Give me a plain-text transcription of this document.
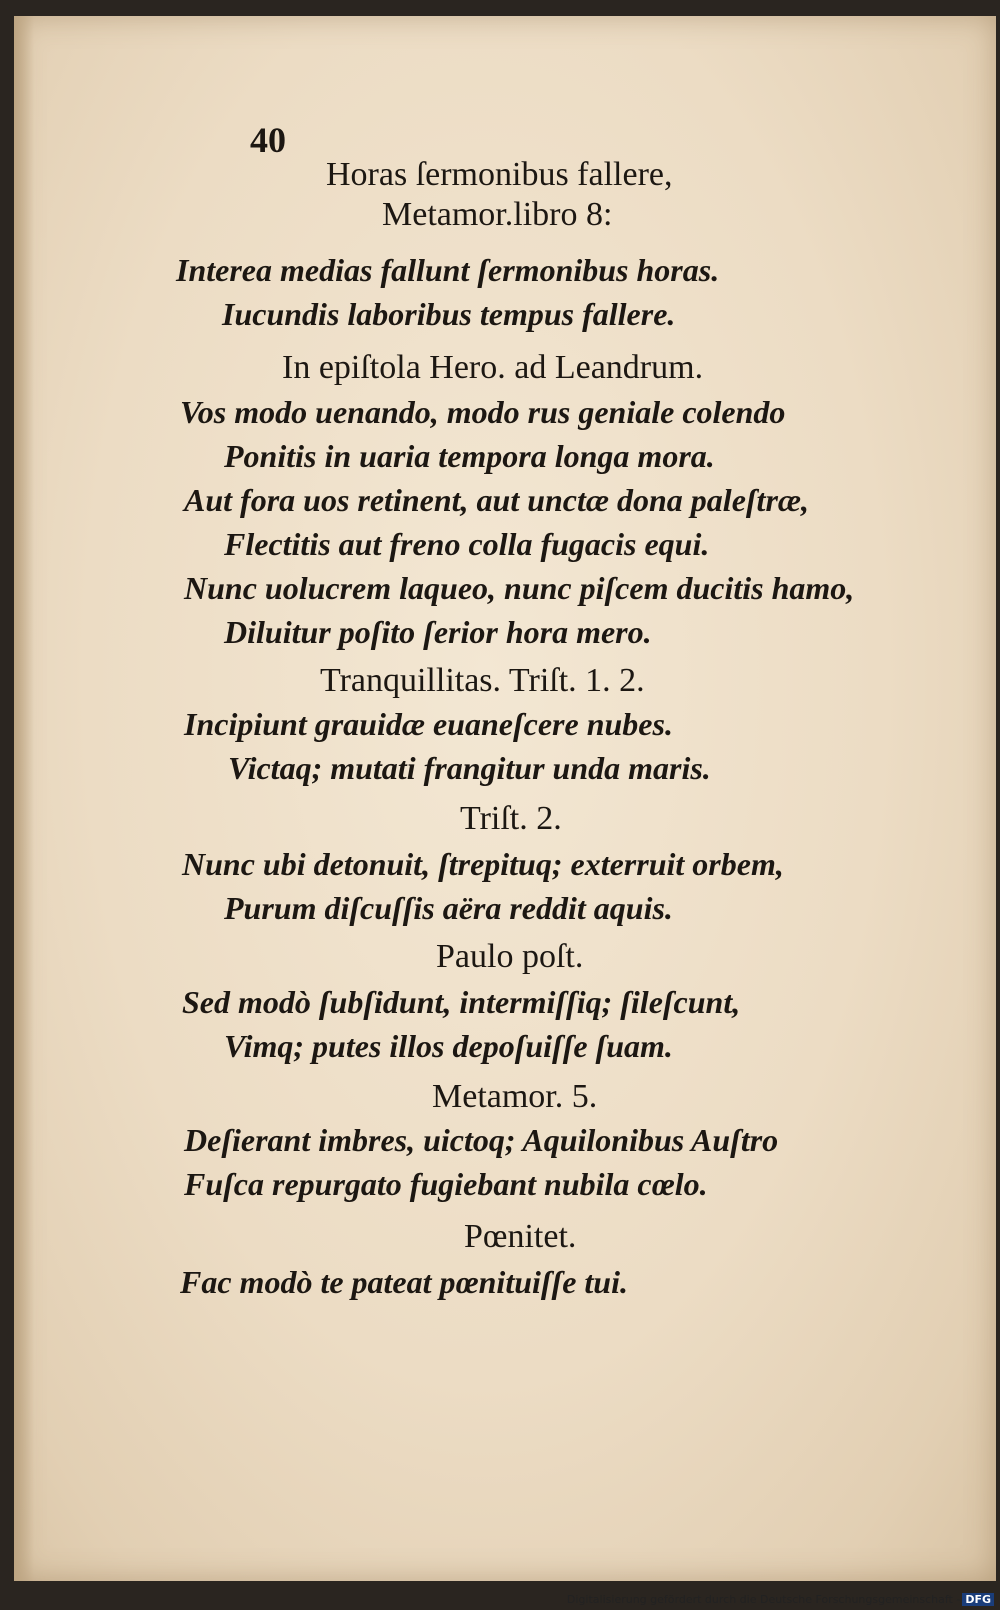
40
Horas ſermonibus fallere,
Metamor.libro 8:
Interea medias fallunt ſermonibus horas.
Iucundis laboribus tempus fallere.
In epiſtola Hero. ad Leandrum.
Vos modo uenando, modo rus geniale colendo
Ponitis in uaria tempora longa mora.
Aut fora uos retinent, aut unctæ dona paleſtræ,
Flectitis aut freno colla fugacis equi.
Nunc uolucrem laqueo, nunc piſcem ducitis hamo,
Diluitur poſito ſerior hora mero.
Tranquillitas. Triſt. 1. 2.
Incipiunt grauidæ euaneſcere nubes.
Victaq; mutati frangitur unda maris.
Triſt. 2.
Nunc ubi detonuit, ſtrepituq; exterruit orbem,
Purum diſcuſſis aëra reddit aquis.
Paulo poſt.
Sed modò ſubſidunt, intermiſſiq; ſileſcunt,
Vimq; putes illos depoſuiſſe ſuam.
Metamor. 5.
Deſierant imbres, uictoq; Aquilonibus Auſtro
Fuſca repurgato fugiebant nubila cœlo.
Pœnitet.
Fac modò te pateat pœnituiſſe tui.
Digitalisierung gefördert durch die Deutsche Forschungsgemeinschaft - DFG
